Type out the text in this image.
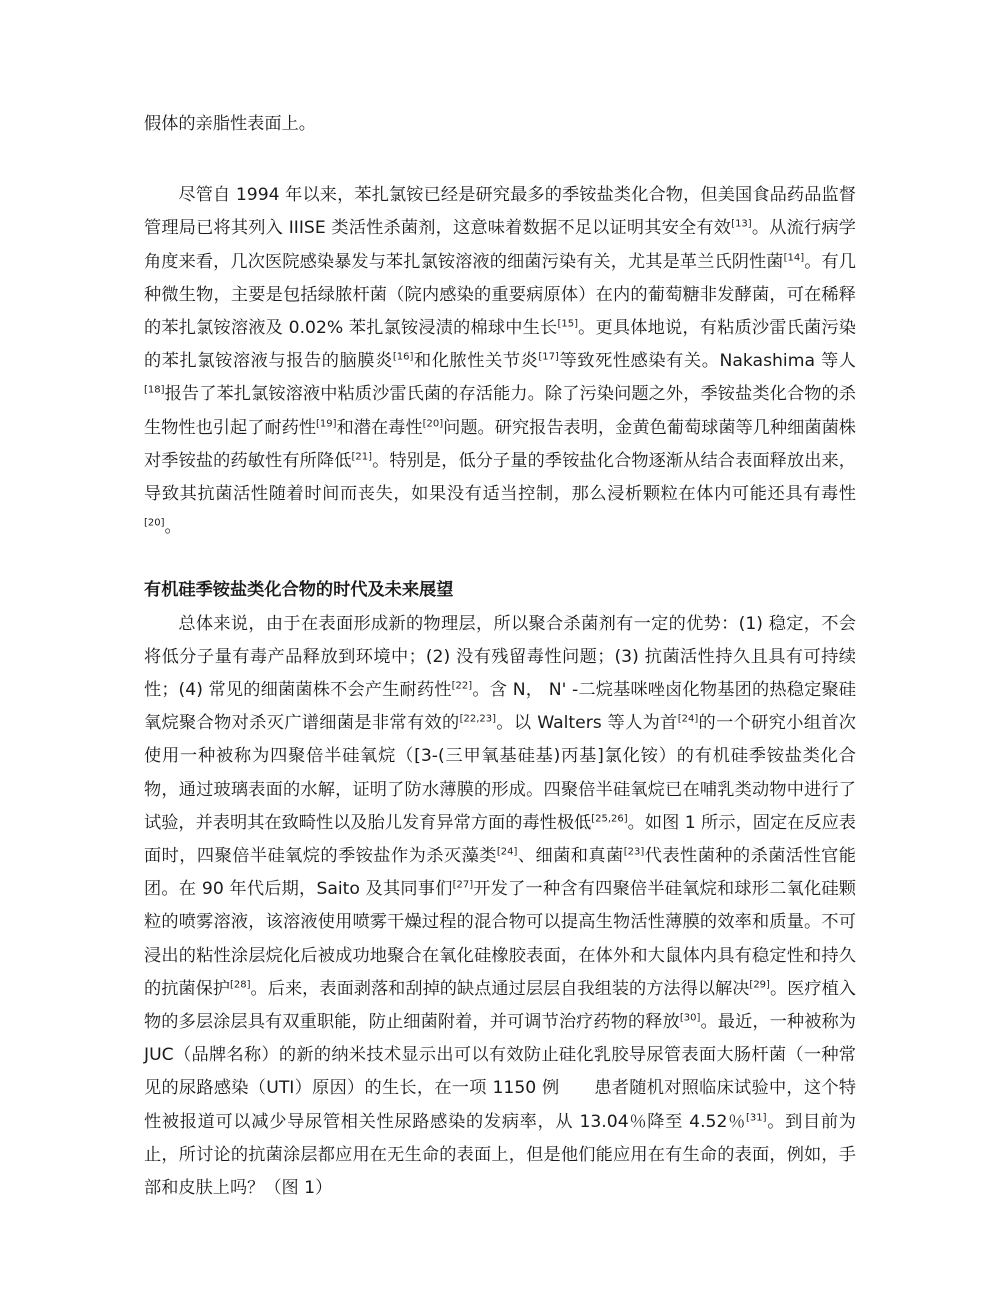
假体的亲脂性表面上。

尽管自 1994 年以来，苯扎氯铵已经是研究最多的季铵盐类化合物，但美国食品药品监督管理局已将其列入 IIISE 类活性杀菌剂，这意味着数据不足以证明其安全有效[13]。从流行病学角度来看，几次医院感染暴发与苯扎氯铵溶液的细菌污染有关，尤其是革兰氏阴性菌[14]。有几种微生物，主要是包括绿脓杆菌（院内感染的重要病原体）在内的葡萄糖非发酵菌，可在稀释的苯扎氯铵溶液及 0.02% 苯扎氯铵浸渍的棉球中生长[15]。更具体地说，有粘质沙雷氏菌污染的苯扎氯铵溶液与报告的脑膜炎[16]和化脓性关节炎[17]等致死性感染有关。Nakashima 等人[18]报告了苯扎氯铵溶液中粘质沙雷氏菌的存活能力。除了污染问题之外，季铵盐类化合物的杀生物性也引起了耐药性[19]和潜在毒性[20]问题。研究报告表明，金黄色葡萄球菌等几种细菌菌株对季铵盐的药敏性有所降低[21]。特别是，低分子量的季铵盐化合物逐渐从结合表面释放出来，导致其抗菌活性随着时间而丧失，如果没有适当控制，那么浸析颗粒在体内可能还具有毒性[20]。

有机硅季铵盐类化合物的时代及未来展望

总体来说，由于在表面形成新的物理层，所以聚合杀菌剂有一定的优势：(1) 稳定，不会将低分子量有毒产品释放到环境中；(2) 没有残留毒性问题；(3) 抗菌活性持久且具有可持续性；(4) 常见的细菌菌株不会产生耐药性[22]。含 N， N' -二烷基咪唑卤化物基团的热稳定聚硅氧烷聚合物对杀灭广谱细菌是非常有效的[22,23]。以 Walters 等人为首[24]的一个研究小组首次使用一种被称为四聚倍半硅氧烷（[3-(三甲氧基硅基)丙基]氯化铵）的有机硅季铵盐类化合物，通过玻璃表面的水解，证明了防水薄膜的形成。四聚倍半硅氧烷已在哺乳类动物中进行了试验，并表明其在致畸性以及胎儿发育异常方面的毒性极低[25,26]。如图 1 所示，固定在反应表面时，四聚倍半硅氧烷的季铵盐作为杀灭藻类[24]、细菌和真菌[23]代表性菌种的杀菌活性官能团。在 90 年代后期，Saito 及其同事们[27]开发了一种含有四聚倍半硅氧烷和球形二氧化硅颗粒的喷雾溶液，该溶液使用喷雾干燥过程的混合物可以提高生物活性薄膜的效率和质量。不可浸出的粘性涂层烷化后被成功地聚合在氧化硅橡胶表面，在体外和大鼠体内具有稳定性和持久的抗菌保护[28]。后来，表面剥落和刮掉的缺点通过层层自我组装的方法得以解决[29]。医疗植入物的多层涂层具有双重职能，防止细菌附着，并可调节治疗药物的释放[30]。最近，一种被称为 JUC（品牌名称）的新的纳米技术显示出可以有效防止硅化乳胶导尿管表面大肠杆菌（一种常见的尿路感染（UTI）原因）的生长，在一项 1150 例　　患者随机对照临床试验中，这个特性被报道可以减少导尿管相关性尿路感染的发病率，从 13.04％降至 4.52％[31]。到目前为止，所讨论的抗菌涂层都应用在无生命的表面上，但是他们能应用在有生命的表面，例如，手部和皮肤上吗？（图 1）
